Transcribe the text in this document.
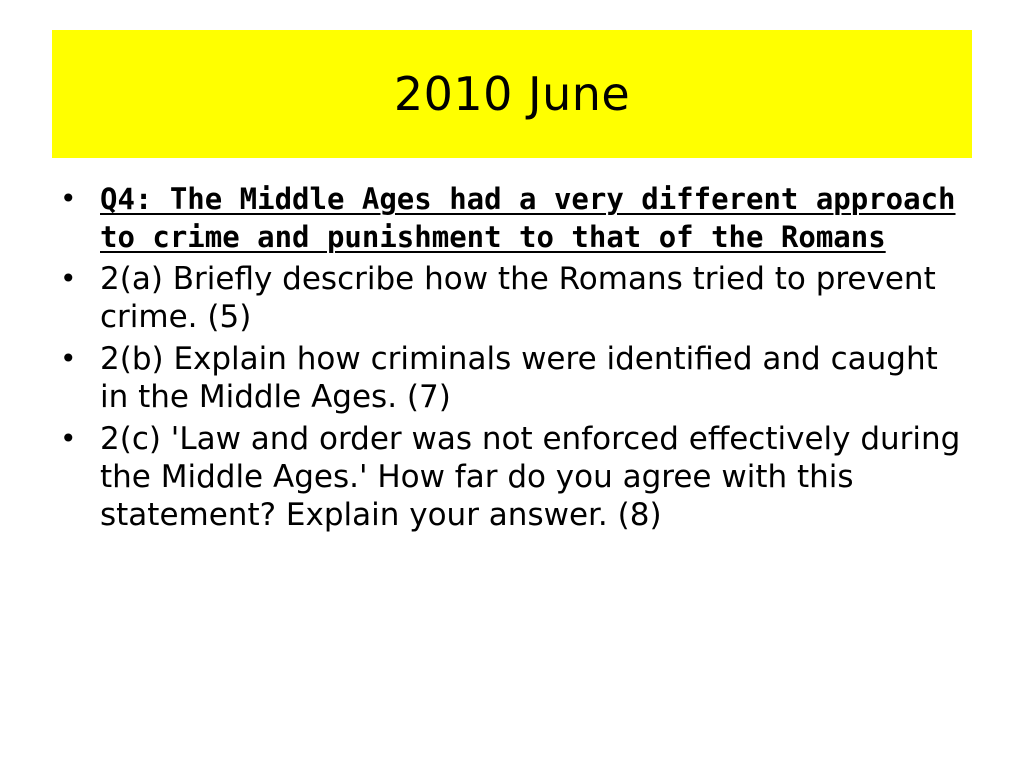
2010 June
• Q4: The Middle Ages had a very different approach to crime and punishment to that of the Romans
• 2(a) Briefly describe how the Romans tried to prevent crime. (5)
• 2(b) Explain how criminals were identified and caught in the Middle Ages. (7)
• 2(c) 'Law and order was not enforced effectively during the Middle Ages.' How far do you agree with this statement? Explain your answer. (8)
